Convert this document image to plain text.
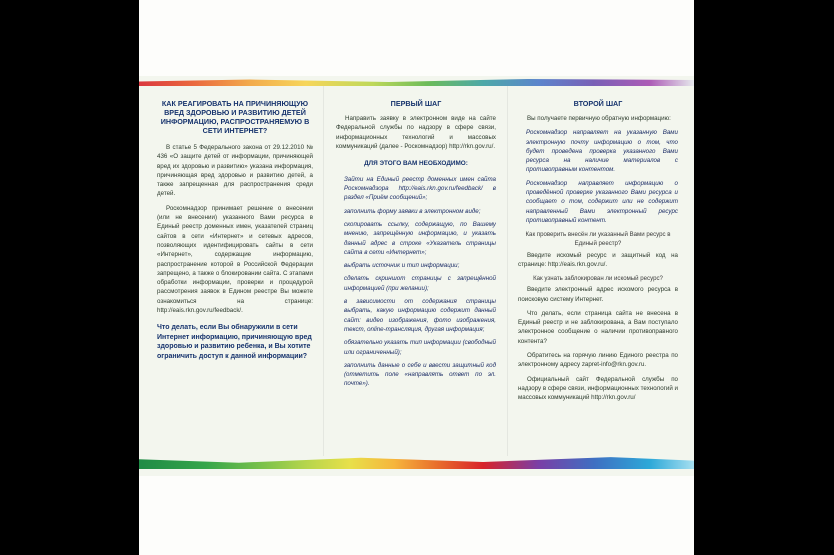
КАК РЕАГИРОВАТЬ НА ПРИЧИНЯЮЩУЮ ВРЕД ЗДОРОВЬЮ И РАЗВИТИЮ ДЕТЕЙ ИНФОРМАЦИЮ, РАСПРОСТРАНЯЕМУЮ В СЕТИ ИНТЕРНЕТ?

В статье 5 Федерального закона от 29.12.2010 № 436 «О защите детей от информации, причиняющей вред их здоровью и развитию» указана информация, причиняющая вред здоровью и развитию детей, а также запрещенная для распространения среди детей.

Роскомнадзор принимает решение о внесении (или не внесении) указанного Вами ресурса в Единый реестр доменных имен, указателей страниц сайтов в сети «Интернет» и сетевых адресов, позволяющих идентифицировать сайты в сети «Интернет», содержащие информацию, распространение которой в Российской Федерации запрещено, а также о блокировании сайта. С этапами обработки информации, проверки и процедурой рассмотрения заявок в Едином реестре Вы можете ознакомиться на странице: http://eais.rkn.gov.ru/feedback/.

Что делать, если Вы обнаружили в сети Интернет информацию, причиняющую вред здоровью и развитию ребенка, и Вы хотите ограничить доступ к данной информации?
ПЕРВЫЙ ШАГ

Направить заявку в электронном виде на сайте Федеральной службы по надзору в сфере связи, информационных технологий и массовых коммуникаций (далее - Роскомнадзор) http://rkn.gov.ru/.

ДЛЯ ЭТОГО ВАМ НЕОБХОДИМО:
• Зайти на Единый реестр доменных имен сайта Роскомнадзора http://eais.rkn.gov.ru/feedback/ в раздел «Приём сообщений»;
• заполнить форму заявки в электронном виде;
• скопировать ссылку, содержащую, по Вашему мнению, запрещённую информацию, и указать данный адрес в строке «Указатель страницы сайта в сети «Интернет»;
• выбрать источник и тип информации;
• сделать скриншот страницы с запрещённой информацией (при желании);
• в зависимости от содержания страницы выбрать, какую информацию содержит данный сайт: видео изображения, фото изображения, текст, online-трансляция, другая информация;
• обязательно указать тип информации (свободный или ограниченный);
• заполнить данные о себе и ввести защитный код (отметить поле «направлять ответ по эл. почте»).
ВТОРОЙ ШАГ

Вы получаете первичную обратную информацию:

• Роскомнадзор направляет на указанную Вами электронную почту информацию о том, что будет проведена проверка указанного Вами ресурса на наличие материалов с противоправным контентом.
• Роскомнадзор направляет информацию о проведённой проверке указанного Вами ресурса и сообщает о том, содержит или не содержит направленный Вами электронный ресурс противоправный контент.
Как проверить внесён ли указанный Вами ресурс в Единый реестр?

Введите искомый ресурс и защитный код на странице: http://eais.rkn.gov.ru/.

Как узнать заблокирован ли искомый ресурс?

Введите электронный адрес искомого ресурса в поисковую систему Интернет.

Что делать, если страница сайта не внесена в Единый реестр и не заблокирована, а Вам поступало электронное сообщение о наличии противоправного контента?

Обратитесь на горячую линию Единого реестра по электронному адресу zapret-info@rkn.gov.ru.

Официальный сайт Федеральной службы по надзору в сфере связи, информационных технологий и массовых коммуникаций http://rkn.gov.ru/
